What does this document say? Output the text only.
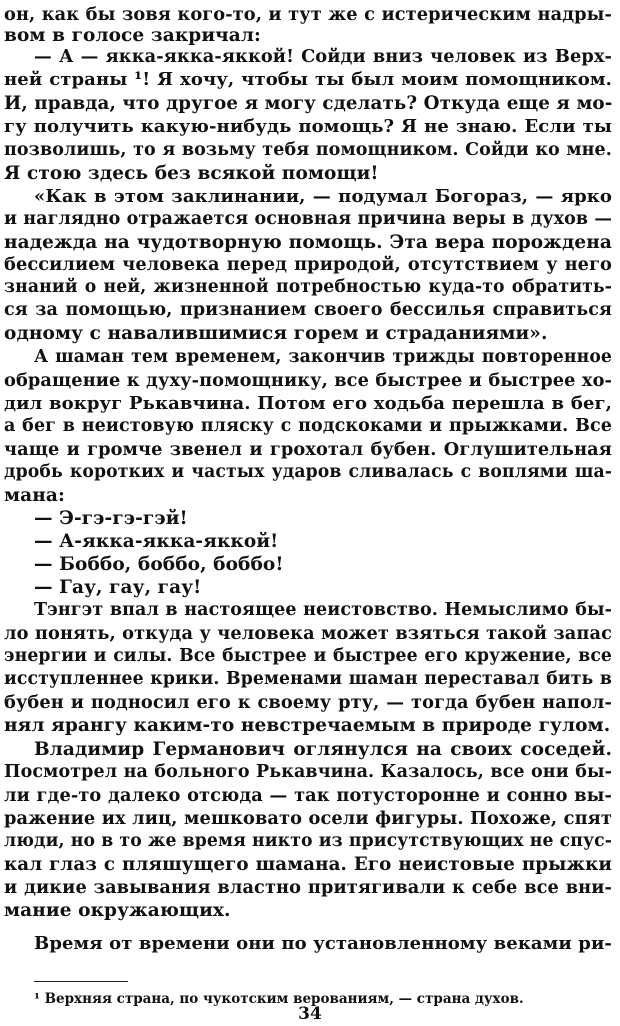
он, как бы зовя кого-то, и тут же с истерическим надры-
вом в голосе закричал:
— А — якка-якка-яккой! Сойди вниз человек из Верх-
ней страны ¹! Я хочу, чтобы ты был моим помощником.
И, правда, что другое я могу сделать? Откуда еще я мо-
гу получить какую-нибудь помощь? Я не знаю. Если ты
позволишь, то я возьму тебя помощником. Сойди ко мне.
Я стою здесь без всякой помощи!
«Как в этом заклинании, — подумал Богораз, — ярко
и наглядно отражается основная причина веры в духов —
надежда на чудотворную помощь. Эта вера порождена
бессилием человека перед природой, отсутствием у него
знаний о ней, жизненной потребностью куда-то обратить-
ся за помощью, признанием своего бессилья справиться
одному с навалившимися горем и страданиями».
А шаман тем временем, закончив трижды повторенное
обращение к духу-помощнику, все быстрее и быстрее хо-
дил вокруг Рькавчина. Потом его ходьба перешла в бег,
а бег в неистовую пляску с подскоками и прыжками. Все
чаще и громче звенел и грохотал бубен. Оглушительная
дробь коротких и частых ударов сливалась с воплями ша-
мана:
— Э-гэ-гэ-гэй!
— А-якка-якка-яккой!
— Боббо, боббо, боббо!
— Гау, гау, гау!
Тэнгэт впал в настоящее неистовство. Немыслимо бы-
ло понять, откуда у человека может взяться такой запас
энергии и силы. Все быстрее и быстрее его кружение, все
исступленнее крики. Временами шаман переставал бить в
бубен и подносил его к своему рту, — тогда бубен напол-
нял ярангу каким-то невстречаемым в природе гулом.
Владимир Германович оглянулся на своих соседей.
Посмотрел на больного Рькавчина. Казалось, все они бы-
ли где-то далеко отсюда — так потусторонне и сонно вы-
ражение их лиц, мешковато осели фигуры. Похоже, спят
люди, но в то же время никто из присутствующих не спус-
кал глаз с пляшущего шамана. Его неистовые прыжки
и дикие завывания властно притягивали к себе все вни-
мание окружающих.
Время от времени они по установленному веками ри-
¹ Верхняя страна, по чукотским верованиям, — страна духов.
34
